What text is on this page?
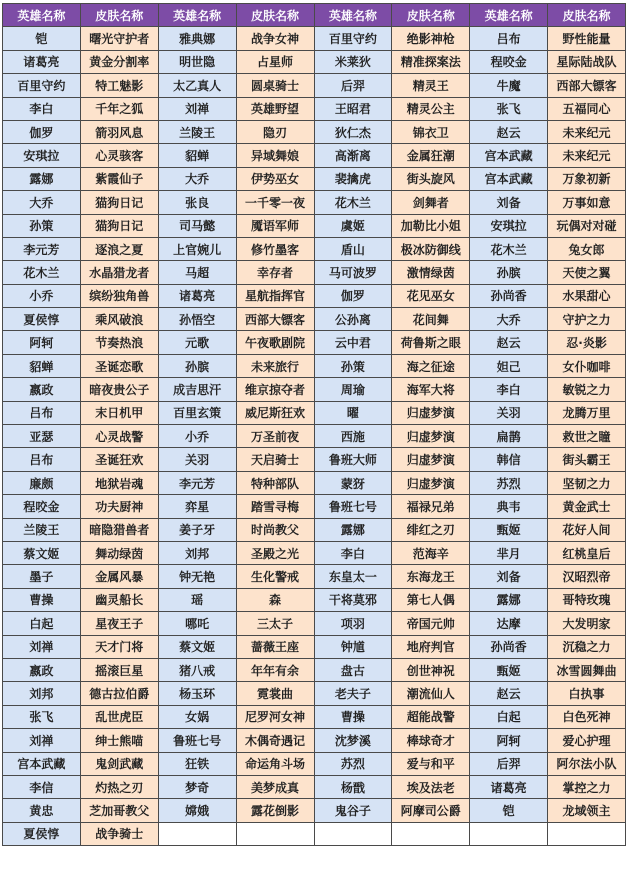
英雄名称	皮肤名称	英雄名称	皮肤名称	英雄名称	皮肤名称	英雄名称	皮肤名称
铠	曙光守护者	雅典娜	战争女神	百里守约	绝影神枪	吕布	野性能量
诸葛亮	黄金分割率	明世隐	占星师	米莱狄	精准探案法	程咬金	星际陆战队
百里守约	特工魅影	太乙真人	圆桌骑士	后羿	精灵王	牛魔	西部大镖客
李白	千年之狐	刘禅	英雄野望	王昭君	精灵公主	张飞	五福同心
伽罗	箭羽风息	兰陵王	隐刃	狄仁杰	锦衣卫	赵云	未来纪元
安琪拉	心灵骇客	貂蝉	异域舞娘	高渐离	金属狂潮	宫本武藏	未来纪元
露娜	紫霞仙子	大乔	伊势巫女	裴擒虎	街头旋风	宫本武藏	万象初新
大乔	猫狗日记	张良	一千零一夜	花木兰	剑舞者	刘备	万事如意
孙策	猫狗日记	司马懿	魇语军师	虞姬	加勒比小姐	安琪拉	玩偶对对碰
李元芳	逐浪之夏	上官婉儿	修竹墨客	盾山	极冰防御线	花木兰	兔女郎
花木兰	水晶猎龙者	马超	幸存者	马可波罗	激情绿茵	孙膑	天使之翼
小乔	缤纷独角兽	诸葛亮	星航指挥官	伽罗	花见巫女	孙尚香	水果甜心
夏侯惇	乘风破浪	孙悟空	西部大镖客	公孙离	花间舞	大乔	守护之力
阿轲	节奏热浪	元歌	午夜歌剧院	云中君	荷鲁斯之眼	赵云	忍·炎影
貂蝉	圣诞恋歌	孙膑	未来旅行	孙策	海之征途	妲己	女仆咖啡
嬴政	暗夜贵公子	成吉思汗	维京掠夺者	周瑜	海军大将	李白	敏锐之力
吕布	末日机甲	百里玄策	威尼斯狂欢	曜	归虚梦演	关羽	龙腾万里
亚瑟	心灵战警	小乔	万圣前夜	西施	归虚梦演	扁鹊	救世之瞳
吕布	圣诞狂欢	关羽	天启骑士	鲁班大师	归虚梦演	韩信	街头霸王
廉颇	地狱岩魂	李元芳	特种部队	蒙犽	归虚梦演	苏烈	坚韧之力
程咬金	功夫厨神	弈星	踏雪寻梅	鲁班七号	福禄兄弟	典韦	黄金武士
兰陵王	暗隐猎兽者	姜子牙	时尚教父	露娜	绯红之刃	甄姬	花好人间
蔡文姬	舞动绿茵	刘邦	圣殿之光	李白	范海辛	芈月	红桃皇后
墨子	金属风暴	钟无艳	生化警戒	东皇太一	东海龙王	刘备	汉昭烈帝
曹操	幽灵船长	瑶	森	干将莫邪	第七人偶	露娜	哥特玫瑰
白起	星夜王子	哪吒	三太子	项羽	帝国元帅	达摩	大发明家
刘禅	天才门将	蔡文姬	蔷薇王座	钟馗	地府判官	孙尚香	沉稳之力
嬴政	摇滚巨星	猪八戒	年年有余	盘古	创世神祝	甄姬	冰雪圆舞曲
刘邦	德古拉伯爵	杨玉环	霓裳曲	老夫子	潮流仙人	赵云	白执事
张飞	乱世虎臣	女娲	尼罗河女神	曹操	超能战警	白起	白色死神
刘禅	绅士熊喵	鲁班七号	木偶奇遇记	沈梦溪	棒球奇才	阿轲	爱心护理
宫本武藏	鬼剑武藏	狂铁	命运角斗场	苏烈	爱与和平	后羿	阿尔法小队
李信	灼热之刃	梦奇	美梦成真	杨戬	埃及法老	诸葛亮	掌控之力
黄忠	芝加哥教父	嫦娥	露花倒影	鬼谷子	阿摩司公爵	铠	龙域领主
夏侯惇	战争骑士						
